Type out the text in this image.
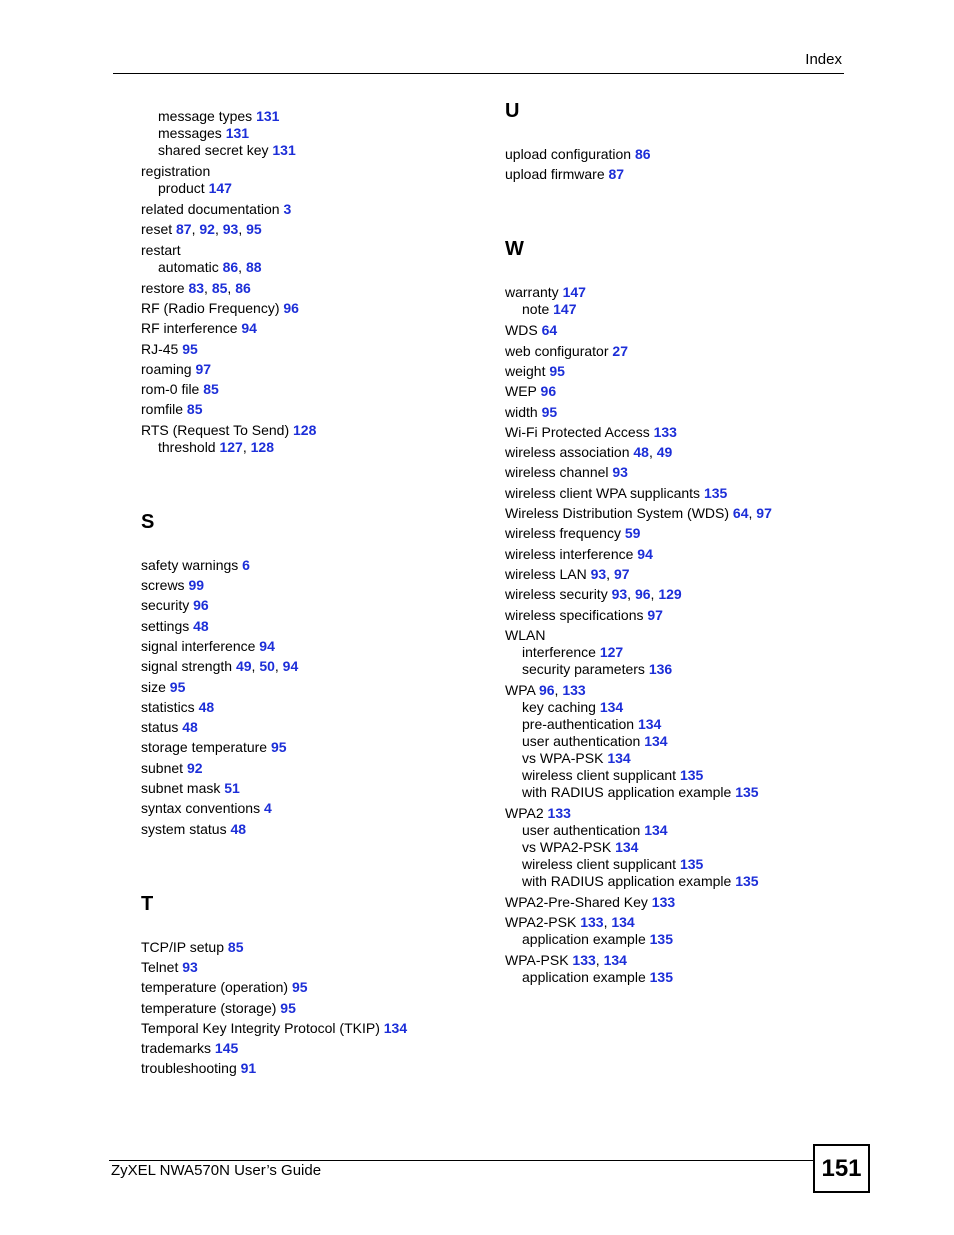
Index
message types 131
messages 131
shared secret key 131
registration
product 147
related documentation 3
reset 87, 92, 93, 95
restart
automatic 86, 88
restore 83, 85, 86
RF (Radio Frequency) 96
RF interference 94
RJ-45 95
roaming 97
rom-0 file 85
romfile 85
RTS (Request To Send) 128
threshold 127, 128
S
safety warnings 6
screws 99
security 96
settings 48
signal interference 94
signal strength 49, 50, 94
size 95
statistics 48
status 48
storage temperature 95
subnet 92
subnet mask 51
syntax conventions 4
system status 48
T
TCP/IP setup 85
Telnet 93
temperature (operation) 95
temperature (storage) 95
Temporal Key Integrity Protocol (TKIP) 134
trademarks 145
troubleshooting 91
U
upload configuration 86
upload firmware 87
W
warranty 147
note 147
WDS 64
web configurator 27
weight 95
WEP 96
width 95
Wi-Fi Protected Access 133
wireless association 48, 49
wireless channel 93
wireless client WPA supplicants 135
Wireless Distribution System (WDS) 64, 97
wireless frequency 59
wireless interference 94
wireless LAN 93, 97
wireless security 93, 96, 129
wireless specifications 97
WLAN
interference 127
security parameters 136
WPA 96, 133
key caching 134
pre-authentication 134
user authentication 134
vs WPA-PSK 134
wireless client supplicant 135
with RADIUS application example 135
WPA2 133
user authentication 134
vs WPA2-PSK 134
wireless client supplicant 135
with RADIUS application example 135
WPA2-Pre-Shared Key 133
WPA2-PSK 133, 134
application example 135
WPA-PSK 133, 134
application example 135
ZyXEL NWA570N User’s Guide	151
